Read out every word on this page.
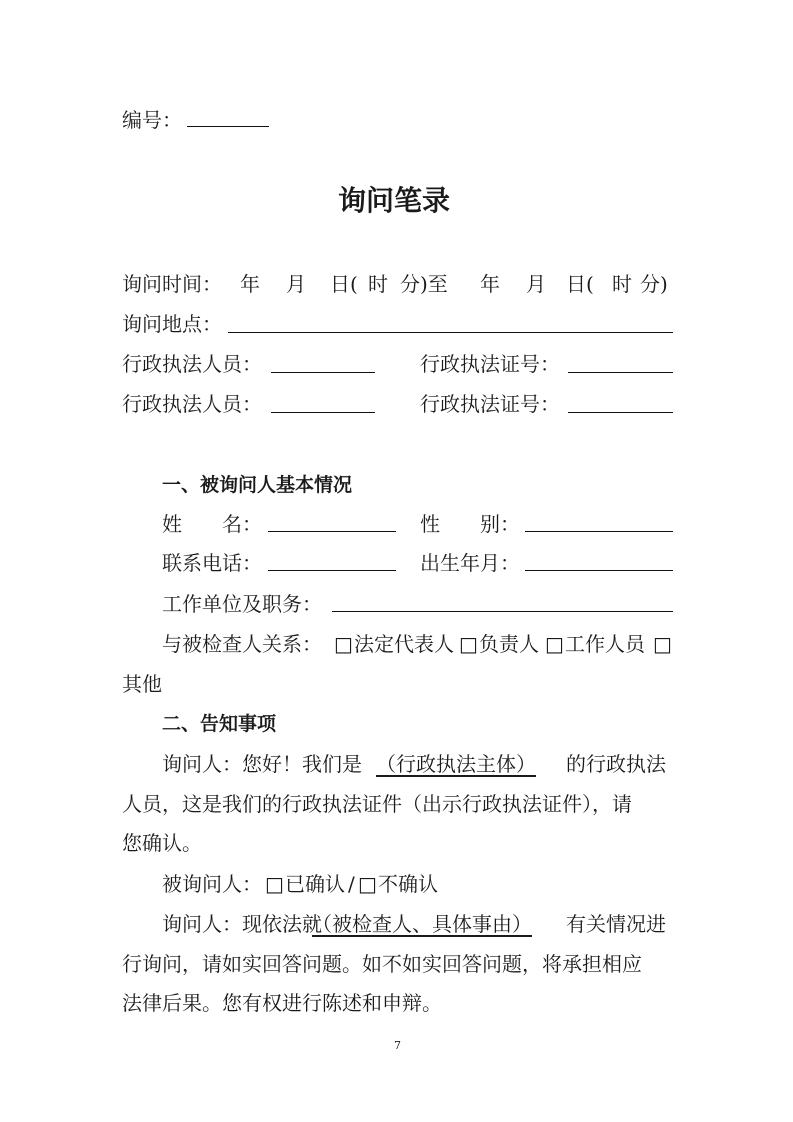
编号：
询问笔录
询问时间： 年 月 日( 时 分)至 年 月 日( 时 分)
询问地点：
行政执法人员：	行政执法证号：
行政执法人员：	行政执法证号：
一、被询问人基本情况
姓　　名：	性　　别：
联系电话：	出生年月：
工作单位及职务：
与被检查人关系： □ 法定代表人 □ 负责人 □ 工作人员 □
其他
二、告知事项
询问人：您好！我们是 （行政执法主体） 的行政执法
人员，这是我们的行政执法证件（出示行政执法证件），请
您确认。
被询问人： □ 已确认 / □ 不确认
询问人：现依法就
（被检查人、具体事由） 有关情况进
行询问，请如实回答问题。如不如实回答问题，将承担相应
法律后果。您有权进行陈述和申辩。
7
